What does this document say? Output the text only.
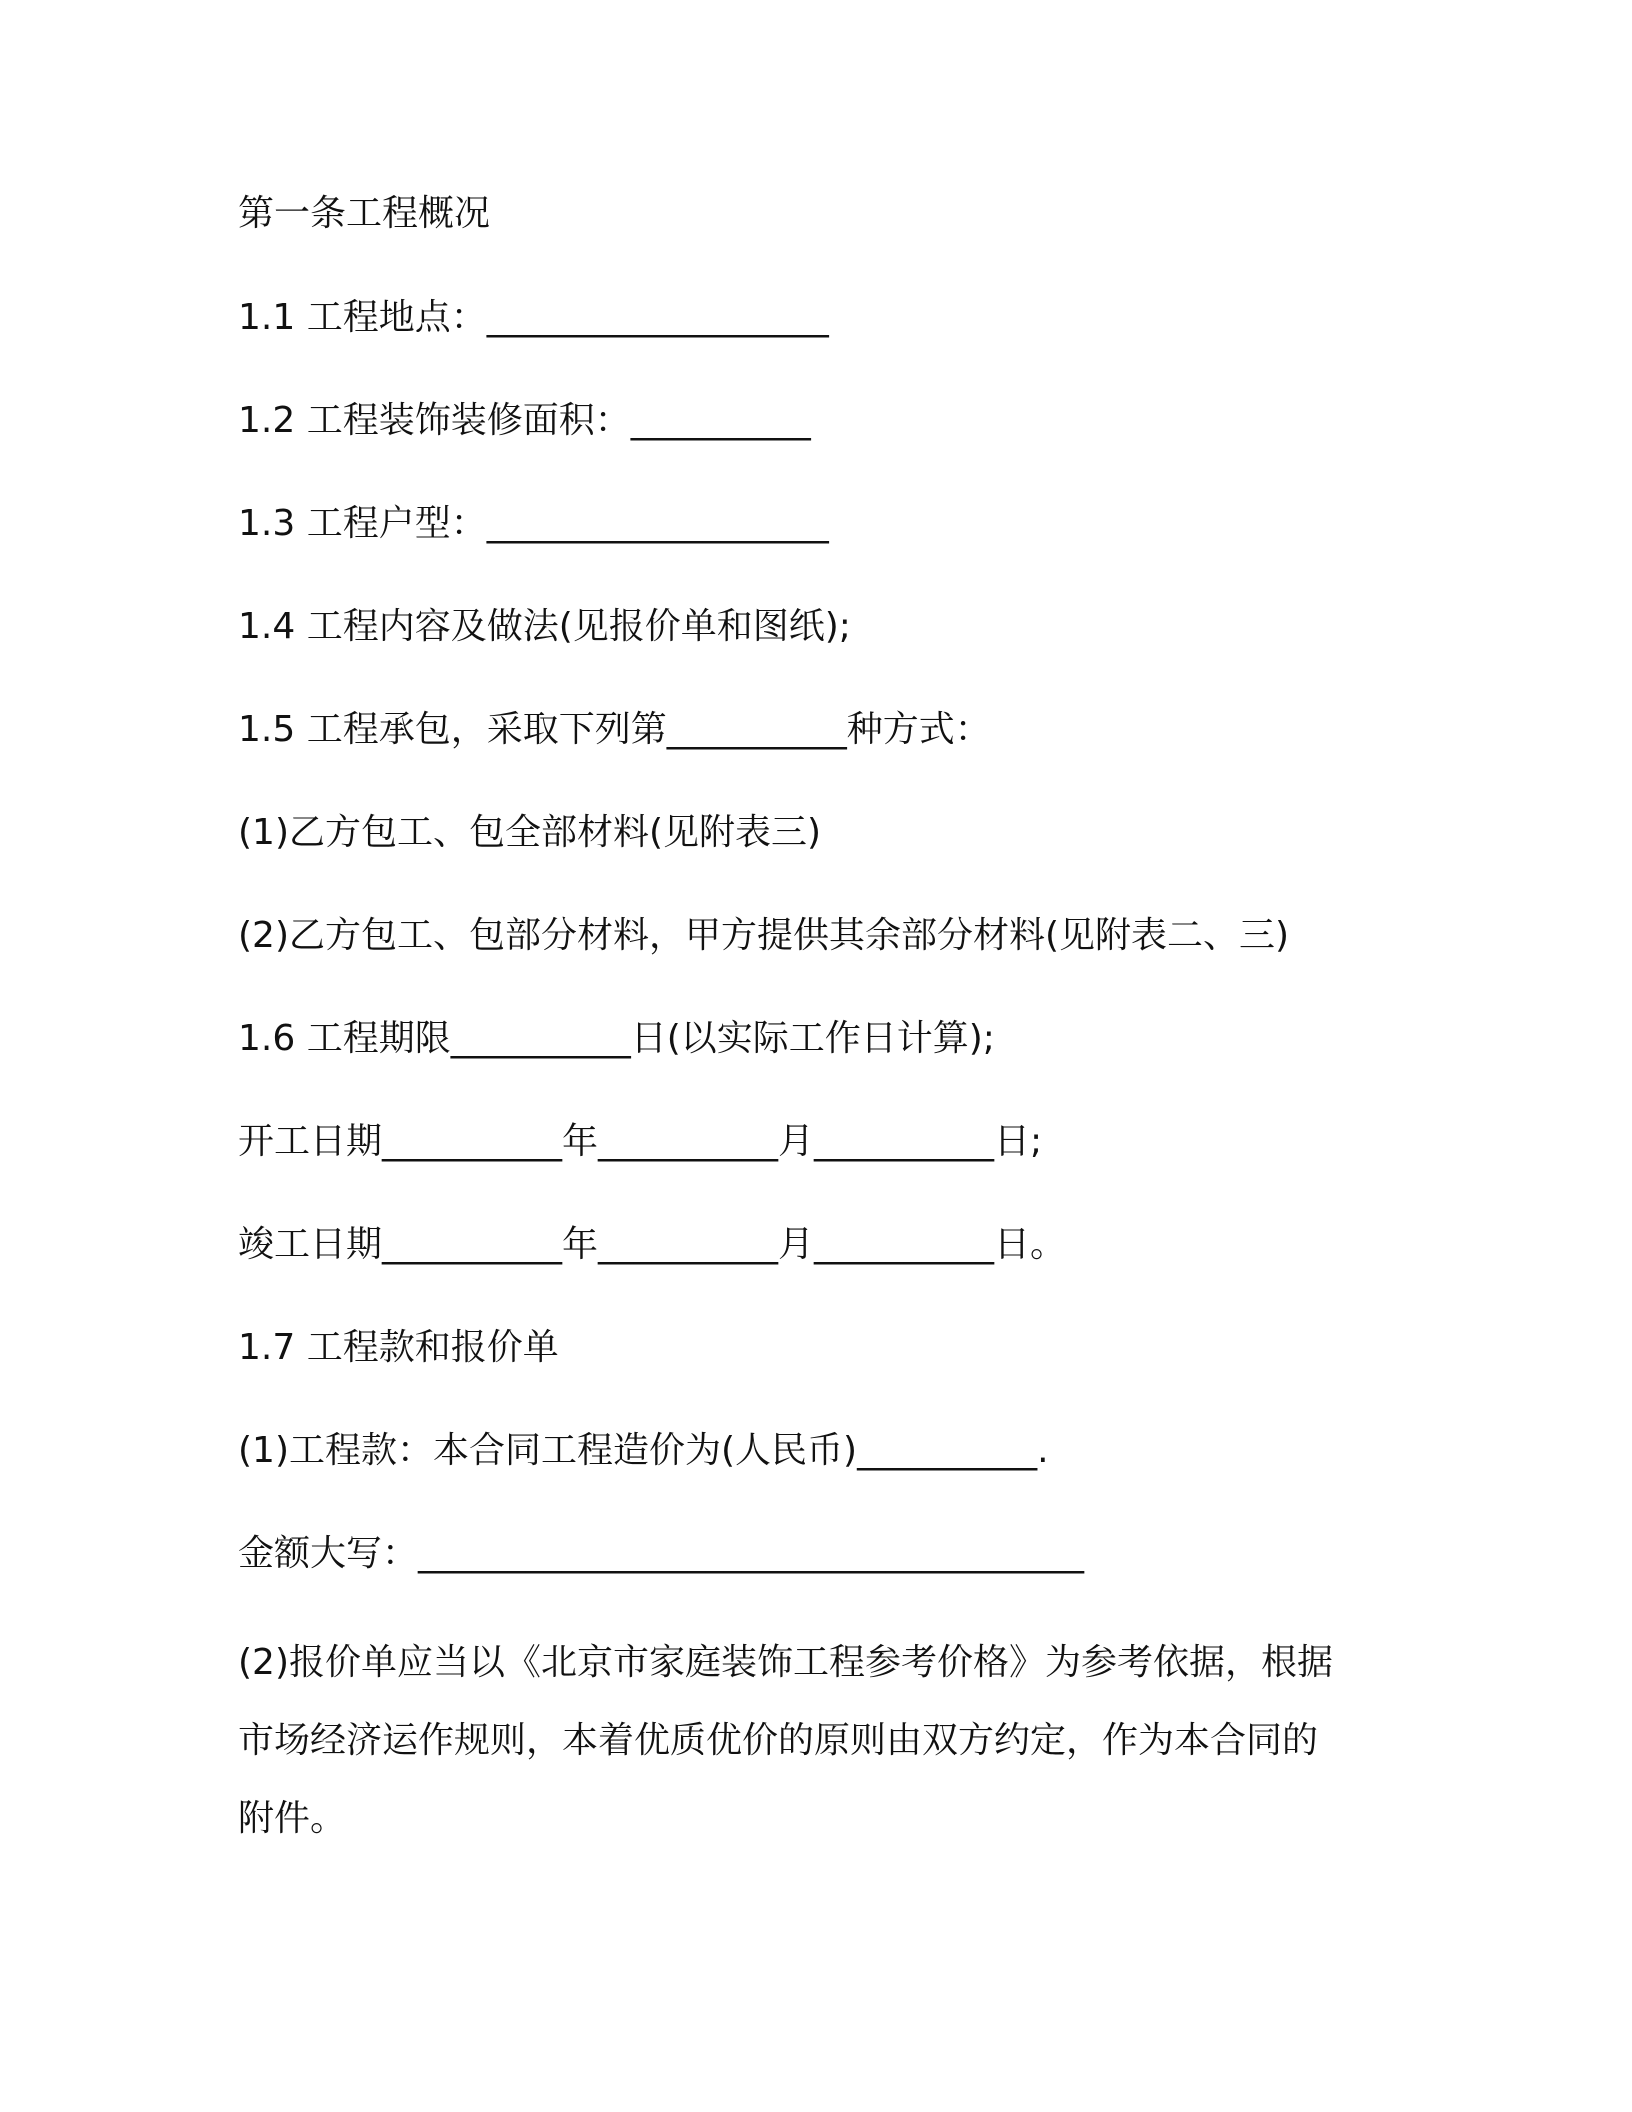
第一条工程概况
1.1 工程地点：___________________
1.2 工程装饰装修面积：__________
1.3 工程户型：___________________
1.4 工程内容及做法(见报价单和图纸);
1.5 工程承包，采取下列第__________种方式：
(1)乙方包工、包全部材料(见附表三)
(2)乙方包工、包部分材料，甲方提供其余部分材料(见附表二、三)
1.6 工程期限__________日(以实际工作日计算);
开工日期__________年__________月__________日;
竣工日期__________年__________月__________日。
1.7 工程款和报价单
(1)工程款：本合同工程造价为(人民币)__________.
金额大写：_____________________________________
(2)报价单应当以《北京市家庭装饰工程参考价格》为参考依据，根据
市场经济运作规则，本着优质优价的原则由双方约定，作为本合同的
附件。
